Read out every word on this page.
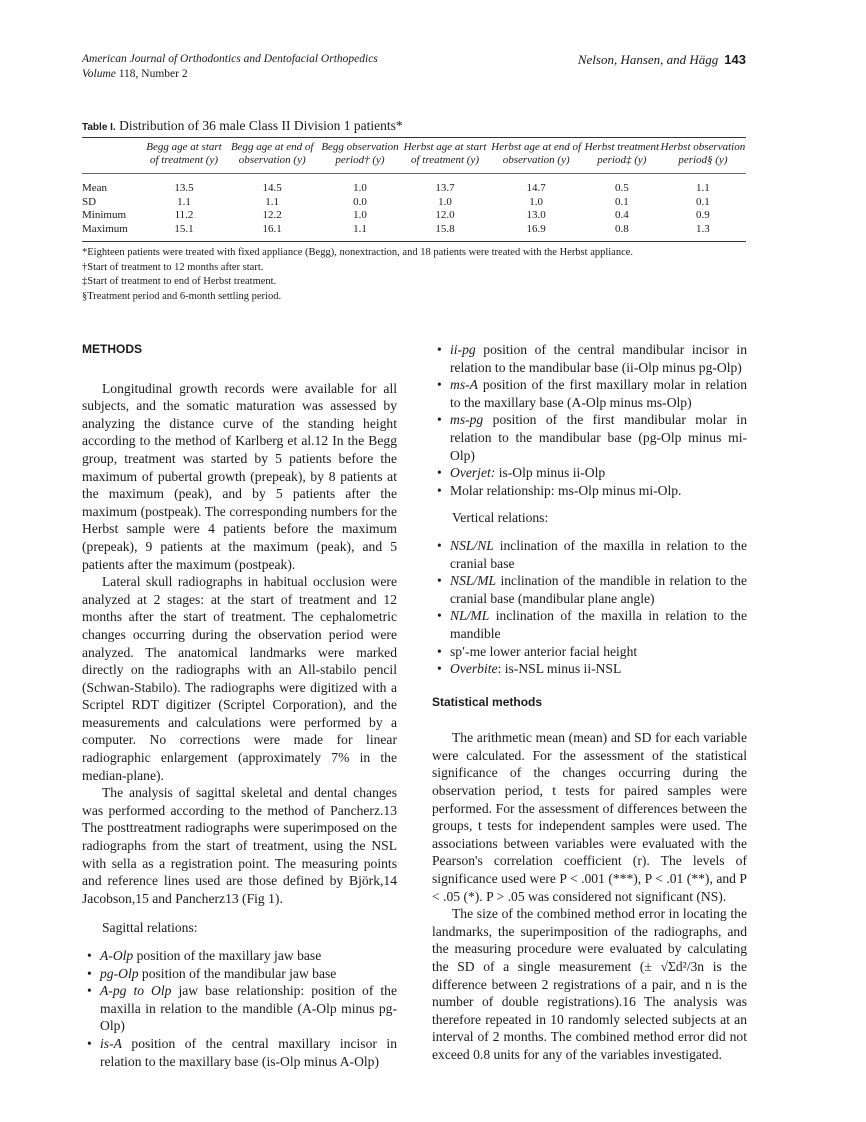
American Journal of Orthodontics and Dentofacial Orthopedics
Volume 118, Number 2
Nelson, Hansen, and Hägg 143
Table I. Distribution of 36 male Class II Division 1 patients*
	Begg age at start of treatment (y)	Begg age at end of observation (y)	Begg observation period† (y)	Herbst age at start of treatment (y)	Herbst age at end of observation (y)	Herbst treatment period‡ (y)	Herbst observation period§ (y)
Mean	13.5	14.5	1.0	13.7	14.7	0.5	1.1
SD	1.1	1.1	0.0	1.0	1.0	0.1	0.1
Minimum	11.2	12.2	1.0	12.0	13.0	0.4	0.9
Maximum	15.1	16.1	1.1	15.8	16.9	0.8	1.3
*Eighteen patients were treated with fixed appliance (Begg), nonextraction, and 18 patients were treated with the Herbst appliance.
†Start of treatment to 12 months after start.
‡Start of treatment to end of Herbst treatment.
§Treatment period and 6-month settling period.
METHODS

Longitudinal growth records were available for all subjects, and the somatic maturation was assessed by analyzing the distance curve of the standing height according to the method of Karlberg et al.12 In the Begg group, treatment was started by 5 patients before the maximum of pubertal growth (prepeak), by 8 patients at the maximum (peak), and by 5 patients after the maximum (postpeak). The corresponding numbers for the Herbst sample were 4 patients before the maximum (prepeak), 9 patients at the maximum (peak), and 5 patients after the maximum (postpeak).

Lateral skull radiographs in habitual occlusion were analyzed at 2 stages: at the start of treatment and 12 months after the start of treatment. The cephalometric changes occurring during the observation period were analyzed. The anatomical landmarks were marked directly on the radiographs with an All-stabilo pencil (Schwan-Stabilo). The radiographs were digitized with a Scriptel RDT digitizer (Scriptel Corporation), and the measurements and calculations were performed by a computer. No corrections were made for linear radiographic enlargement (approximately 7% in the median-plane).

The analysis of sagittal skeletal and dental changes was performed according to the method of Pancherz.13 The posttreatment radiographs were superimposed on the radiographs from the start of treatment, using the NSL with sella as a registration point. The measuring points and reference lines used are those defined by Björk,14 Jacobson,15 and Pancherz13 (Fig 1).

Sagittal relations:

• A-Olp position of the maxillary jaw base
• pg-Olp position of the mandibular jaw base
• A-pg to Olp jaw base relationship: position of the maxilla in relation to the mandible (A-Olp minus pg-Olp)
• is-A position of the central maxillary incisor in relation to the maxillary base (is-Olp minus A-Olp)
• ii-pg position of the central mandibular incisor in relation to the mandibular base (ii-Olp minus pg-Olp)
• ms-A position of the first maxillary molar in relation to the maxillary base (A-Olp minus ms-Olp)
• ms-pg position of the first mandibular molar in relation to the mandibular base (pg-Olp minus mi-Olp)
• Overjet: is-Olp minus ii-Olp
• Molar relationship: ms-Olp minus mi-Olp.

Vertical relations:

• NSL/NL inclination of the maxilla in relation to the cranial base
• NSL/ML inclination of the mandible in relation to the cranial base (mandibular plane angle)
• NL/ML inclination of the maxilla in relation to the mandible
• sp′-me lower anterior facial height
• Overbite: is-NSL minus ii-NSL
Statistical methods

The arithmetic mean (mean) and SD for each variable were calculated. For the assessment of the statistical significance of the changes occurring during the observation period, t tests for paired samples were performed. For the assessment of differences between the groups, t tests for independent samples were used. The associations between variables were evaluated with the Pearson's correlation coefficient (r). The levels of significance used were P < .001 (***), P < .01 (**), and P < .05 (*). P > .05 was considered not significant (NS).

The size of the combined method error in locating the landmarks, the superimposition of the radiographs, and the measuring procedure were evaluated by calculating the SD of a single measurement (± √Σd²/3n is the difference between 2 registrations of a pair, and n is the number of double registrations).16 The analysis was therefore repeated in 10 randomly selected subjects at an interval of 2 months. The combined method error did not exceed 0.8 units for any of the variables investigated.
